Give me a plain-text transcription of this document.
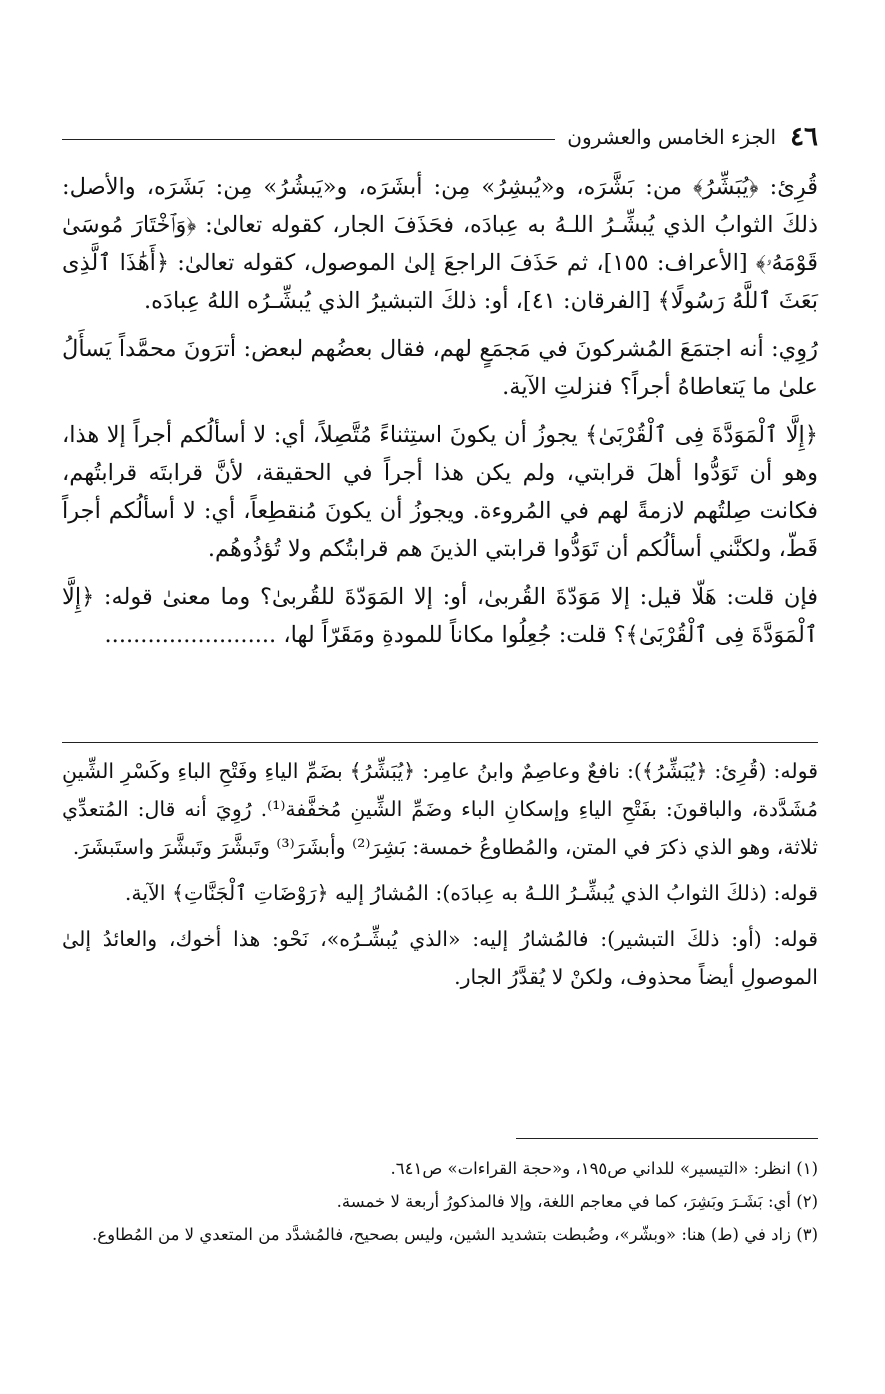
٤٦
الجزء الخامس والعشرون

قُرِئ: ﴿يُبَشِّرُ﴾ من: بَشَّرَه، و«يُبشِرُ» مِن: أبشَرَه، و«يَبشُرُ» مِن: بَشَرَه، والأصل: ذلكَ الثوابُ الذي يُبشِّـرُ اللـهُ به عِبادَه، فحَذَفَ الجار، كقوله تعالىٰ: ﴿وَٱخْتَارَ مُوسَىٰ قَوْمَهُۥ﴾ [الأعراف: ١٥٥]، ثم حَذَفَ الراجعَ إلىٰ الموصول، كقوله تعالىٰ: ﴿أَهَٰذَا ٱلَّذِى بَعَثَ ٱللَّهُ رَسُولًا﴾ [الفرقان: ٤١]، أو: ذلكَ التبشيرُ الذي يُبشِّـرُه اللهُ عِبادَه.

رُوِي: أنه اجتمَعَ المُشركونَ في مَجمَعٍ لهم، فقال بعضُهم لبعض: أترَونَ محمَّداً يَسأَلُ علىٰ ما يَتعاطاهُ أجراً؟ فنزلتِ الآية.

﴿إِلَّا ٱلْمَوَدَّةَ فِى ٱلْقُرْبَىٰ﴾ يجوزُ أن يكونَ استِثناءً مُتَّصِلاً، أي: لا أسألُكم أجراً إلا هذا، وهو أن تَوَدُّوا أهلَ قرابتي، ولم يكن هذا أجراً في الحقيقة، لأنَّ قرابتَه قرابتُهم، فكانت صِلتُهم لازمةً لهم في المُروءة. ويجوزُ أن يكونَ مُنقطِعاً، أي: لا أسألُكم أجراً قَطّ، ولكنَّني أسألُكم أن تَوَدُّوا قرابتي الذينَ هم قرابتُكم ولا تُؤذُوهُم.

فإن قلت: هَلّا قيل: إلا مَوَدّةَ القُربىٰ، أو: إلا المَوَدّةَ للقُربىٰ؟ وما معنىٰ قوله: ﴿إِلَّا ٱلْمَوَدَّةَ فِى ٱلْقُرْبَىٰ﴾؟ قلت: جُعِلُوا مكاناً للمودةِ ومَقَرّاً لها، ........................

قوله: (قُرِئ: ﴿يُبَشِّرُ﴾): نافعٌ وعاصِمٌ وابنُ عامِر: ﴿يُبَشِّرُ﴾ بضَمِّ الياءِ وفَتْحِ الباءِ وكَسْرِ الشِّينِ مُشَدَّدة، والباقونَ: بفَتْحِ الياءِ وإسكانِ الباء وضَمِّ الشِّينِ مُخفَّفة⁽¹⁾. رُوِيَ أنه قال: المُتعدِّي ثلاثة، وهو الذي ذكرَ في المتن، والمُطاوعُ خمسة: بَشِرَ⁽²⁾ وأبشَرَ⁽³⁾ وتَبشَّرَ وتَبشَّرَ واستَبشَرَ.

قوله: (ذلكَ الثوابُ الذي يُبشِّـرُ اللـهُ به عِبادَه): المُشارُ إليه ﴿رَوْضَاتِ ٱلْجَنَّاتِ﴾ الآية.

قوله: (أو: ذلكَ التبشير): فالمُشارُ إليه: «الذي يُبشِّـرُه»، نَحْو: هذا أخوك، والعائدُ إلىٰ الموصولِ أيضاً محذوف، ولكنْ لا يُقدَّرُ الجار.

(١) انظر: «التيسير» للداني ص١٩٥، و«حجة القراءات» ص٦٤١.

(٢) أي: بَشَـرَ وبَشِرَ، كما في معاجم اللغة، وإلا فالمذكورُ أربعة لا خمسة.

(٣) زاد في (ط) هنا: «وبشّر»، وضُبطت بتشديد الشين، وليس بصحيح، فالمُشدَّد من المتعدي لا من المُطاوع.
